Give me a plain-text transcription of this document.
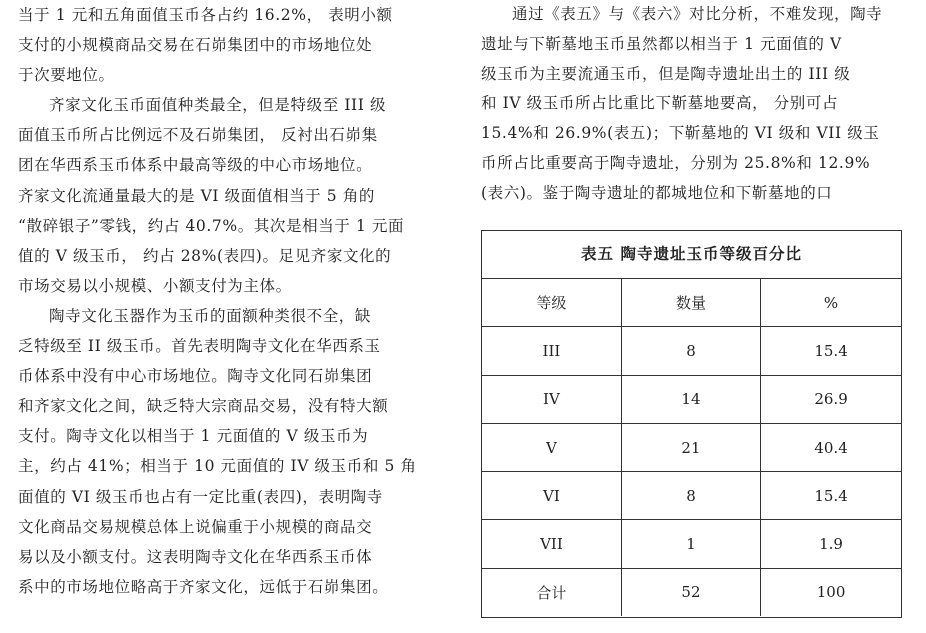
当于 1 元和五角面值玉币各占约 16.2%， 表明小额
支付的小规模商品交易在石峁集团中的市场地位处
于次要地位。
齐家文化玉币面值种类最全，但是特级至 III 级
面值玉币所占比例远不及石峁集团， 反衬出石峁集
团在华西系玉币体系中最高等级的中心市场地位。
齐家文化流通量最大的是 VI 级面值相当于 5 角的
“散碎银子”零钱，约占 40.7%。其次是相当于 1 元面
值的 V 级玉币， 约占 28%(表四)。足见齐家文化的
市场交易以小规模、小额支付为主体。
陶寺文化玉器作为玉币的面额种类很不全，缺
乏特级至 II 级玉币。首先表明陶寺文化在华西系玉
币体系中没有中心市场地位。陶寺文化同石峁集团
和齐家文化之间，缺乏特大宗商品交易，没有特大额
支付。陶寺文化以相当于 1 元面值的 V 级玉币为
主，约占 41%；相当于 10 元面值的 IV 级玉币和 5 角
面值的 VI 级玉币也占有一定比重(表四)，表明陶寺
文化商品交易规模总体上说偏重于小规模的商品交
易以及小额支付。这表明陶寺文化在华西系玉币体
系中的市场地位略高于齐家文化，远低于石峁集团。
通过《表五》与《表六》对比分析，不难发现，陶寺
遗址与下靳墓地玉币虽然都以相当于 1 元面值的 V
级玉币为主要流通玉币，但是陶寺遗址出土的 III 级
和 IV 级玉币所占比重比下靳墓地要高， 分别可占
15.4%和 26.9%(表五)；下靳墓地的 VI 级和 VII 级玉
币所占比重要高于陶寺遗址，分别为 25.8%和 12.9%
(表六)。鉴于陶寺遗址的都城地位和下靳墓地的口
表五 陶寺遗址玉币等级百分比
等级	数量	%
III	8	15.4
IV	14	26.9
V	21	40.4
VI	8	15.4
VII	1	1.9
合计	52	100
